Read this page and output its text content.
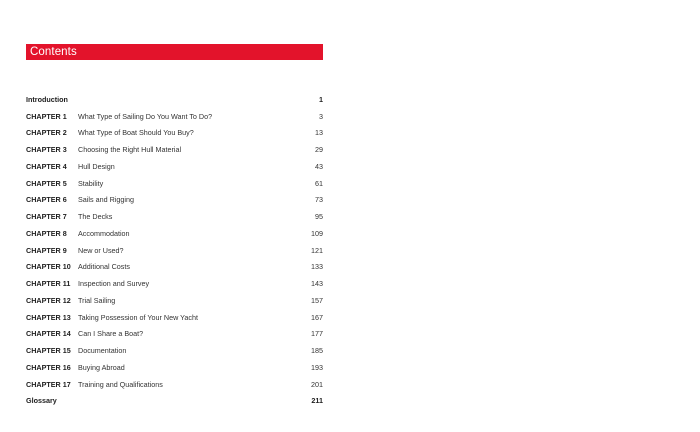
Contents
Introduction	1
CHAPTER 1	What Type of Sailing Do You Want To Do?	3
CHAPTER 2	What Type of Boat Should You Buy?	13
CHAPTER 3	Choosing the Right Hull Material	29
CHAPTER 4	Hull Design	43
CHAPTER 5	Stability	61
CHAPTER 6	Sails and Rigging	73
CHAPTER 7	The Decks	95
CHAPTER 8	Accommodation	109
CHAPTER 9	New or Used?	121
CHAPTER 10	Additional Costs	133
CHAPTER 11	Inspection and Survey	143
CHAPTER 12	Trial Sailing	157
CHAPTER 13	Taking Possession of Your New Yacht	167
CHAPTER 14	Can I Share a Boat?	177
CHAPTER 15	Documentation	185
CHAPTER 16	Buying Abroad	193
CHAPTER 17	Training and Qualifications	201
Glossary	211
